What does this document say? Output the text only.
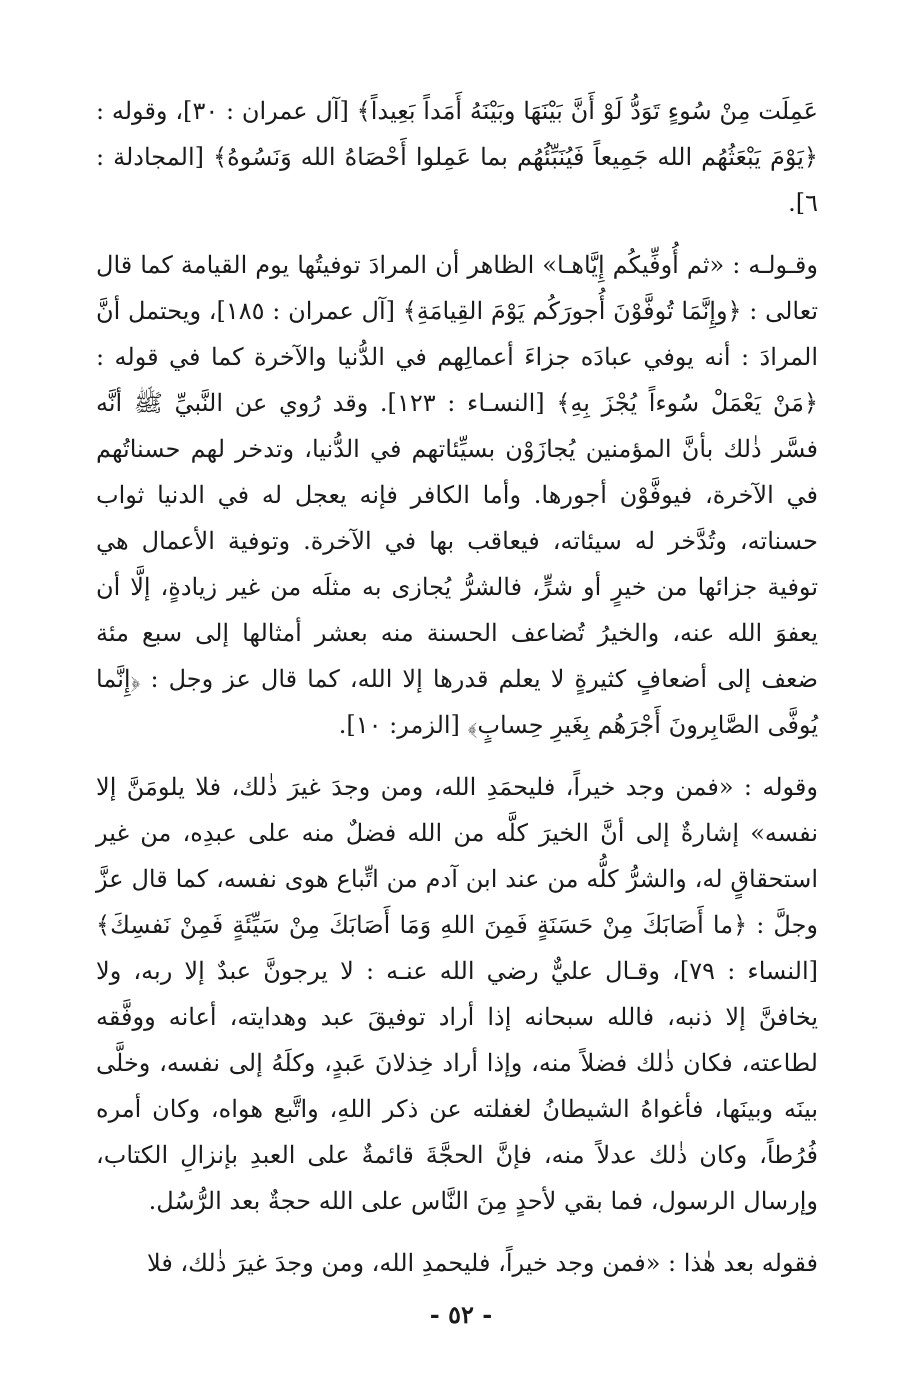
عَمِلَت مِنْ سُوءٍ تَوَدُّ لَوْ أَنَّ بَيْنَهَا وبَيْنَهُ أَمَداً بَعِيداً﴾ [آل عمران : ٣٠]، وقوله : ﴿يَوْمَ يَبْعَثُهُم الله جَمِيعاً فَيُنَبِّئُهُم بما عَمِلوا أَحْصَاهُ الله وَنَسُوهُ﴾ [المجادلة : ٦].

وقـولـه : «ثم أُوفِّيكُم إِيَّاهـا» الظاهر أن المرادَ توفيتُها يوم القيامة كما قال تعالى : ﴿وإِنَّمَا تُوفَّوْنَ أُجورَكُم يَوْمَ القِيامَةِ﴾ [آل عمران : ١٨٥]، ويحتمل أنَّ المرادَ : أنه يوفي عبادَه جزاءَ أعمالِهم في الدُّنيا والآخرة كما في قوله : ﴿مَنْ يَعْمَلْ سُوءاً يُجْزَ بِهِ﴾ [النسـاء : ١٢٣]. وقد رُوي عن النَّبيِّ ﷺ أنَّه فسَّر ذٰلك بأنَّ المؤمنين يُجازَوْن بسيِّئاتهم في الدُّنيا، وتدخر لهم حسناتُهم في الآخرة، فيوفَّوْن أجورها. وأما الكافر فإنه يعجل له في الدنيا ثواب حسناته، وتُدَّخر له سيئاته، فيعاقب بها في الآخرة. وتوفية الأعمال هي توفية جزائها من خيرٍ أو شرٍّ، فالشرُّ يُجازى به مثلَه من غير زيادةٍ، إلَّا أن يعفوَ الله عنه، والخيرُ تُضاعف الحسنة منه بعشر أمثالها إلى سبع مئة ضعف إلى أضعافٍ كثيرةٍ لا يعلم قدرها إلا الله، كما قال عز وجل : ﴿إِنَّما يُوفَّى الصَّابِرونَ أَجْرَهُم بِغَيرِ حِسابٍ﴾ [الزمر: ١٠].

وقوله : «فمن وجد خيراً، فليحمَدِ الله، ومن وجدَ غيرَ ذٰلك، فلا يلومَنَّ إلا نفسه» إشارةٌ إلى أنَّ الخيرَ كلَّه من الله فضلٌ منه على عبدِه، من غير استحقاقٍ له، والشرُّ كلُّه من عند ابن آدم من اتِّباع هوى نفسه، كما قال عزَّ وجلَّ : ﴿ما أَصَابَكَ مِنْ حَسَنَةٍ فَمِنَ اللهِ وَمَا أَصَابَكَ مِنْ سَيِّئَةٍ فَمِنْ نَفسِكَ﴾ [النساء : ٧٩]، وقـال عليٌّ رضي الله عنـه : لا يرجونَّ عبدٌ إلا ربه، ولا يخافنَّ إلا ذنبه، فالله سبحانه إذا أراد توفيقَ عبد وهدايته، أعانه ووفَّقه لطاعته، فكان ذٰلك فضلاً منه، وإذا أراد خِذلانَ عَبدٍ، وكلَهُ إلى نفسه، وخلَّى بينَه وبينَها، فأغواهُ الشيطانُ لغفلته عن ذكر اللهِ، واتَّبع هواه، وكان أمره فُرُطاً، وكان ذٰلك عدلاً منه، فإنَّ الحجَّةَ قائمةٌ على العبدِ بإنزالِ الكتاب، وإرسال الرسول، فما بقي لأحدٍ مِنَ النَّاس على الله حجةٌ بعد الرُّسُل.

فقوله بعد هٰذا : «فمن وجد خيراً، فليحمدِ الله، ومن وجدَ غيرَ ذٰلك، فلا

- ٥٢ -
